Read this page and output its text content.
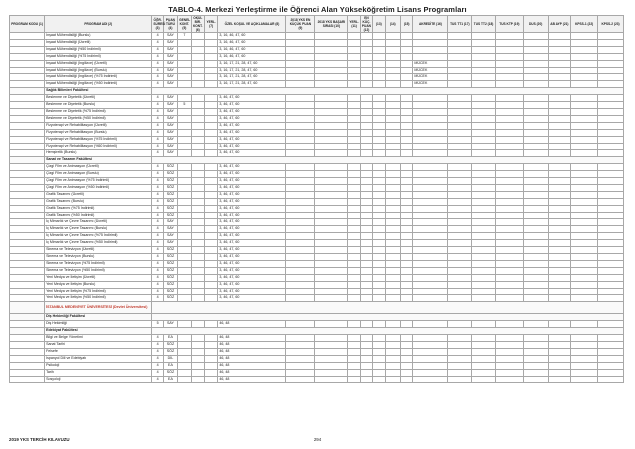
TABLO-4. Merkezi Yerleştirme ile Öğrenci Alan Yükseköğretim Lisans Programları
PROGRAM KODU (1)	PROGRAM ADI (2)	ÖĞR. SÜRESİ (3)	PUAN TÜRÜ (4)	GENEL KONT. (5)	OKUL BİR. KONT. (6)	YERL. (7)	ÖZEL KOŞUL VE AÇIKLAMALAR (8)	2018 YKS EN KÜÇÜK PUAN (9)	2018 YKS BAŞARI SIRASI (10)	YERL. (11)	EN KÜÇ. PUAN (12)	(13)	(14)	(15)	AKREDİTE (16)	TUS TT1 (17)	TUS TT2 (18)	TUS KTP (19)	DUS (20)	AB AYP (21)	KPSS-1 (22)	KPSS-2 (23)
	İnşaat Mühendisliği (Burslu)	4	SAY	7			3, 16, 46, 47, 60															
	İnşaat Mühendisliği (Ücretli)	4	SAY				3, 16, 46, 47, 60															
	İnşaat Mühendisliği (%50 İndirimli)	4	SAY				3, 16, 46, 47, 60															
	İnşaat Mühendisliği (%75 İndirimli)	4	SAY				3, 16, 46, 47, 60															
	İnşaat Mühendisliği (İngilizce) (Ücretli)	4	SAY				3, 16, 17, 21, 28, 47, 60								MÜCEK							
	İnşaat Mühendisliği (İngilizce) (Burslu)	4	SAY				3, 16, 17, 21, 28, 47, 60								MÜCEK							
	İnşaat Mühendisliği (İngilizce) (%75 İndirimli)	4	SAY				3, 16, 17, 21, 28, 47, 60								MÜCEK							
	İnşaat Mühendisliği (İngilizce) (%50 İndirimli)	4	SAY				3, 16, 17, 21, 28, 47, 60								MÜCEK							
	Sağlık Bilimleri Fakültesi																					
	Beslenme ve Diyetetik (Ücretli)	4	SAY				3, 46, 47, 60															
	Beslenme ve Diyetetik (Burslu)	4	SAY	5			3, 46, 47, 60															
	Beslenme ve Diyetetik (%75 İndirimli)	4	SAY				3, 46, 47, 60															
	Beslenme ve Diyetetik (%50 İndirimli)	4	SAY				3, 46, 47, 60															
	Fizyoterapi ve Rehabilitasyon (Ücretli)	4	SAY				3, 46, 47, 60															
	Fizyoterapi ve Rehabilitasyon (Burslu)	4	SAY				3, 46, 47, 60															
	Fizyoterapi ve Rehabilitasyon (%75 İndirimli)	4	SAY				3, 46, 47, 60															
	Fizyoterapi ve Rehabilitasyon (%50 İndirimli)	4	SAY				3, 46, 47, 60															
	Hemşirelik (Burslu)	4	SAY				3, 46, 47, 60															
	Sanat ve Tasarım Fakültesi																					
	Çizgi Film ve Animasyon (Ücretli)	4	SÖZ				3, 46, 47, 60															
	Çizgi Film ve Animasyon (Burslu)	4	SÖZ				3, 46, 47, 60															
	Çizgi Film ve Animasyon (%75 İndirimli)	4	SÖZ				3, 46, 47, 60															
	Çizgi Film ve Animasyon (%50 İndirimli)	4	SÖZ				3, 46, 47, 60															
	Grafik Tasarımı (Ücretli)	4	SÖZ				3, 46, 47, 60															
	Grafik Tasarımı (Burslu)	4	SÖZ				3, 46, 47, 60															
	Grafik Tasarımı (%75 İndirimli)	4	SÖZ				3, 46, 47, 60															
	Grafik Tasarımı (%50 İndirimli)	4	SÖZ				3, 46, 47, 60															
	İç Mimarlık ve Çevre Tasarımı (Ücretli)	4	SAY				3, 46, 47, 60															
	İç Mimarlık ve Çevre Tasarımı (Burslu)	4	SAY				3, 46, 47, 60															
	İç Mimarlık ve Çevre Tasarımı (%75 İndirimli)	4	SAY				3, 46, 47, 60															
	İç Mimarlık ve Çevre Tasarımı (%50 İndirimli)	4	SAY				3, 46, 47, 60															
	Sinema ve Televizyon (Ücretli)	4	SÖZ				3, 46, 47, 60															
	Sinema ve Televizyon (Burslu)	4	SÖZ				3, 46, 47, 60															
	Sinema ve Televizyon (%75 İndirimli)	4	SÖZ				3, 46, 47, 60															
	Sinema ve Televizyon (%50 İndirimli)	4	SÖZ				3, 46, 47, 60															
	Yeni Medya ve İletişim (Ücretli)	4	SÖZ				3, 46, 47, 60															
	Yeni Medya ve İletişim (Burslu)	4	SÖZ				3, 46, 47, 60															
	Yeni Medya ve İletişim (%75 İndirimli)	4	SÖZ				3, 46, 47, 60															
	Yeni Medya ve İletişim (%50 İndirimli)	4	SÖZ				3, 46, 47, 60															
	İSTANBUL MEDENİYET ÜNİVERSİTESİ (Devlet Üniversitesi)																					
	Diş Hekimliği Fakültesi																					
	Diş Hekimliği	5	SAY				46, 48															
	Edebiyat Fakültesi																					
	Bilgi ve Belge Yönetimi	4	EA				46, 48															
	Sanat Tarihi	4	SÖZ				46, 48															
	Felsefe	4	SÖZ				46, 48															
	İspanyol Dili ve Edebiyatı	4	DİL				46, 48															
	Psikoloji	4	EA				46, 48															
	Tarih	4	SÖZ				46, 48															
	Sosyoloji	4	EA				46, 48															
2019 YKS TERCİH KILAVUZU	294
